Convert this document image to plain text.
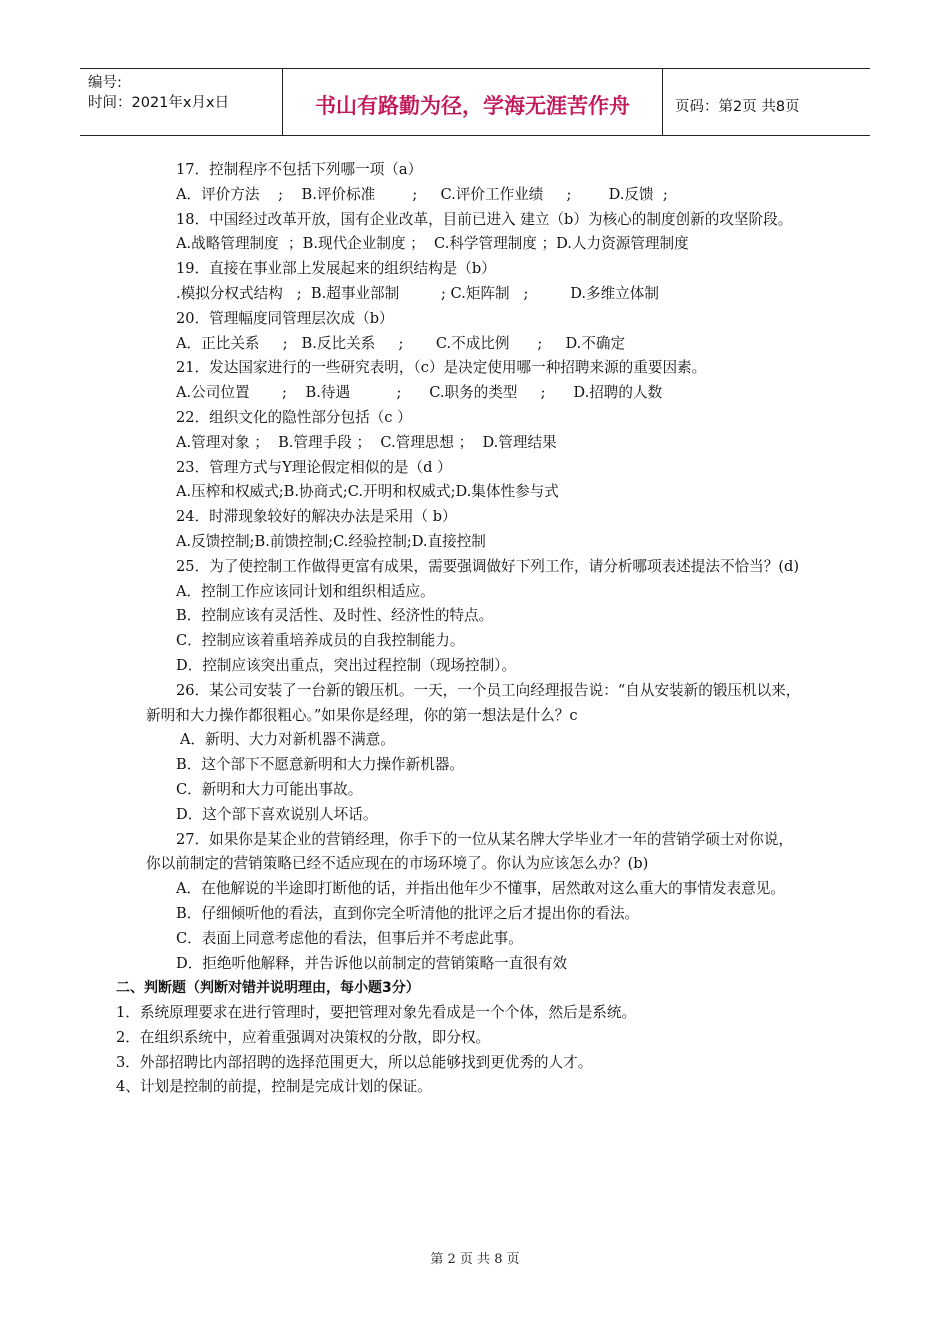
编号:
时间：2021年x月x日	书山有路勤为径，学海无涯苦作舟	页码：第2页 共8页

17．控制程序不包括下列哪一项（a）

A．评价方法    ;    B.评价标准        ;     C.评价工作业绩     ;        D.反馈  ;

18．中国经过改革开放，国有企业改革，目前已进入 建立（b）为核心的制度创新的攻坚阶段。

A.战略管理制度  ；B.现代企业制度 ；  C.科学管理制度 ；D.人力资源管理制度

19．直接在事业部上发展起来的组织结构是（b）

.模拟分权式结构   ;  B.超事业部制         ; C.矩阵制   ;         D.多维立体制

20．管理幅度同管理层次成（b）

A．正比关系     ;   B.反比关系     ;       C.不成比例      ;     D.不确定

21．发达国家进行的一些研究表明，（c）是决定使用哪一种招聘来源的重要因素。

A.公司位置       ;    B.待遇          ;      C.职务的类型     ;      D.招聘的人数

22．组织文化的隐性部分包括（c ）

A.管理对象 ；  B.管理手段 ；  C.管理思想 ；  D.管理结果

23．管理方式与Y理论假定相似的是（d ）

A.压榨和权威式;B.协商式;C.开明和权威式;D.集体性参与式

24．时滞现象较好的解决办法是采用（ b）

A.反馈控制;B.前馈控制;C.经验控制;D.直接控制

25．为了使控制工作做得更富有成果，需要强调做好下列工作，请分析哪项表述提法不恰当？(d)

A．控制工作应该同计划和组织相适应。

B．控制应该有灵活性、及时性、经济性的特点。

C．控制应该着重培养成员的自我控制能力。

D．控制应该突出重点，突出过程控制（现场控制）。

26．某公司安装了一台新的锻压机。一天，一个员工向经理报告说：“自从安装新的锻压机以来，新明和大力操作都很粗心。”如果你是经理，你的第一想法是什么？c

A．新明、大力对新机器不满意。

B．这个部下不愿意新明和大力操作新机器。

C．新明和大力可能出事故。

D．这个部下喜欢说别人坏话。

27．如果你是某企业的营销经理，你手下的一位从某名牌大学毕业才一年的营销学硕士对你说，你以前制定的营销策略已经不适应现在的市场环境了。你认为应该怎么办？(b)

A．在他解说的半途即打断他的话，并指出他年少不懂事，居然敢对这么重大的事情发表意见。

B．仔细倾听他的看法，直到你完全听清他的批评之后才提出你的看法。

C．表面上同意考虑他的看法，但事后并不考虑此事。

D．拒绝听他解释，并告诉他以前制定的营销策略一直很有效

二、判断题（判断对错并说明理由，每小题3分）

1．系统原理要求在进行管理时，要把管理对象先看成是一个个体，然后是系统。

2．在组织系统中，应着重强调对决策权的分散，即分权。

3．外部招聘比内部招聘的选择范围更大，所以总能够找到更优秀的人才。

4、计划是控制的前提，控制是完成计划的保证。

第 2 页 共 8 页
